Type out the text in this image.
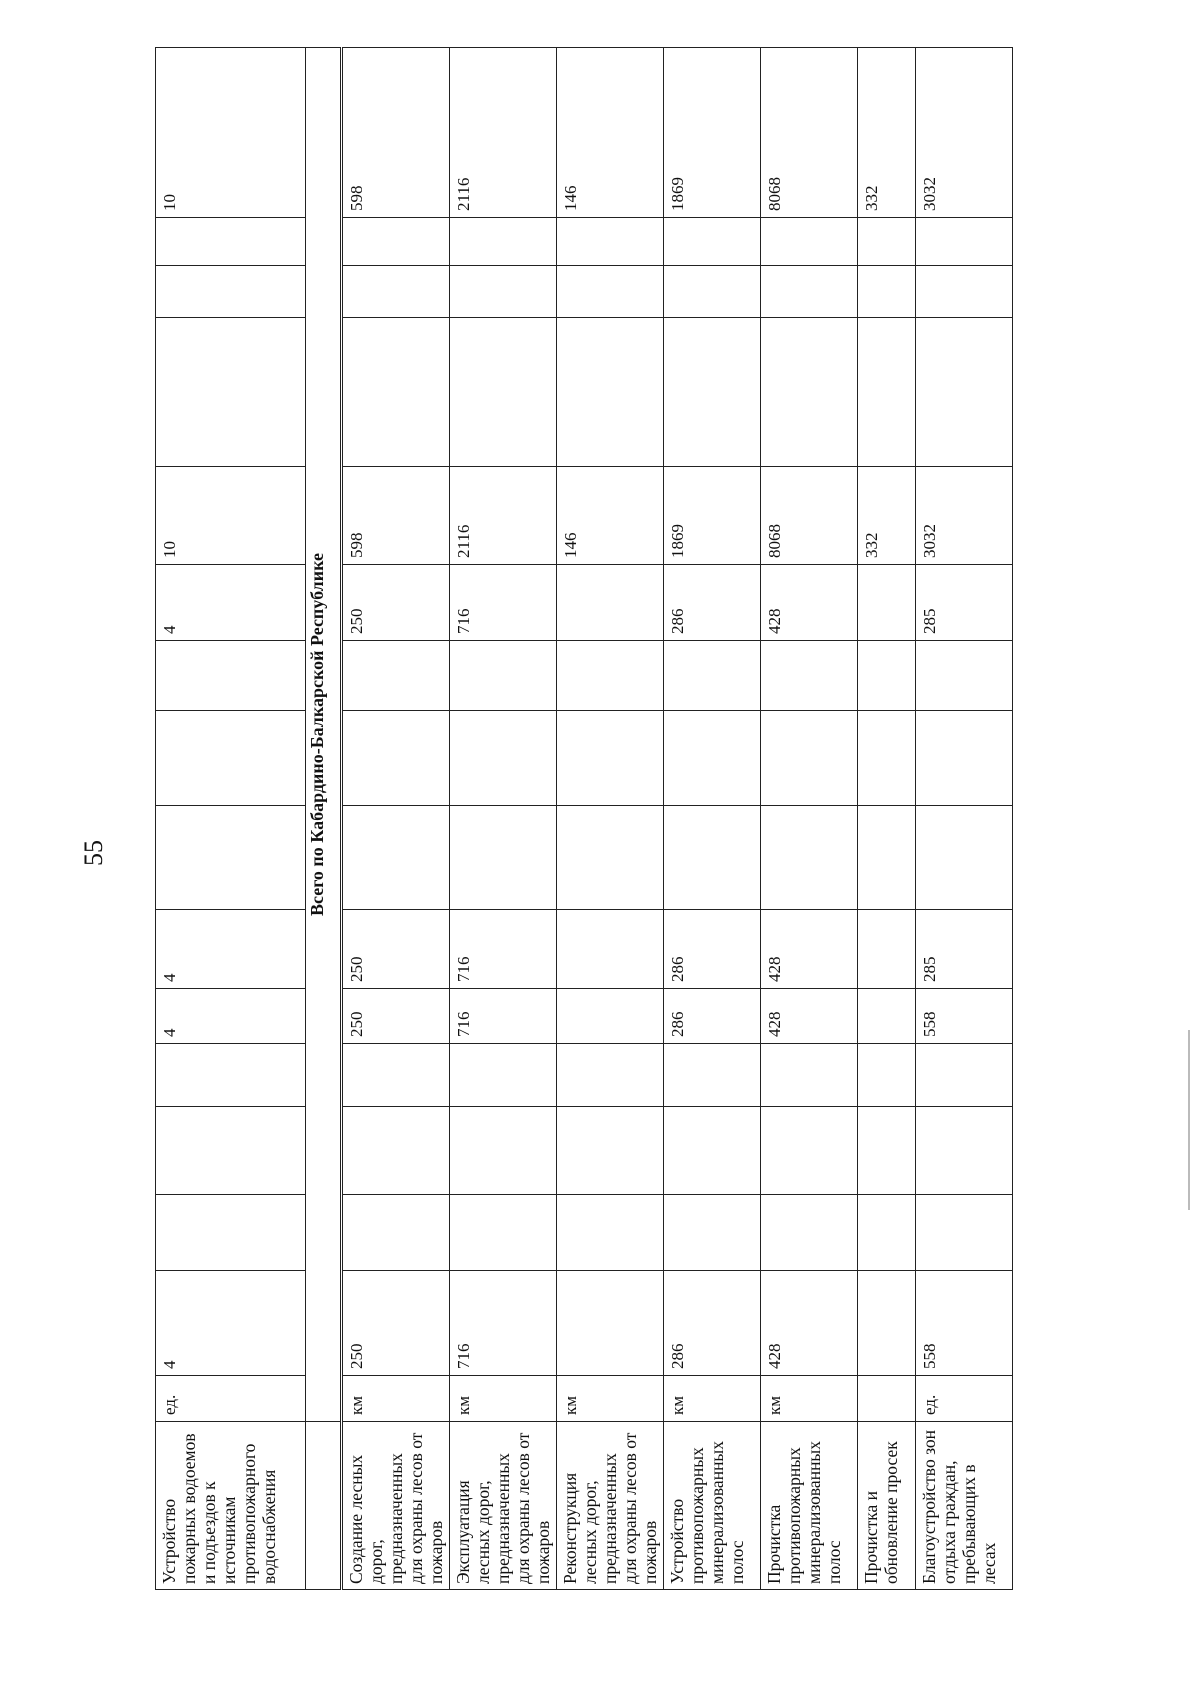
55
Устройство пожарных водоемов и подъездов к источникам противопожарного водоснабжения	ед.	4				4	4				4	10				10
	Всего по Кабардино-Балкарской Республике															
Создание лесных дорог, предназначенных для охраны лесов от пожаров	км	250				250	250				250	598				598
Эксплуатация лесных дорог, предназначенных для охраны лесов от пожаров	км	716				716	716				716	2116				2116
Реконструкция лесных дорог, предназначенных для охраны лесов от пожаров	км											146				146
Устройство противопожарных минерализованных полос	км	286				286	286				286	1869				1869
Прочистка противопожарных минерализованных полос	км	428				428	428				428	8068				8068
Прочистка и обновление просек												332				332
Благоустройство зон отдыха граждан, пребывающих в лесах	ед.	558				558	285				285	3032				3032
